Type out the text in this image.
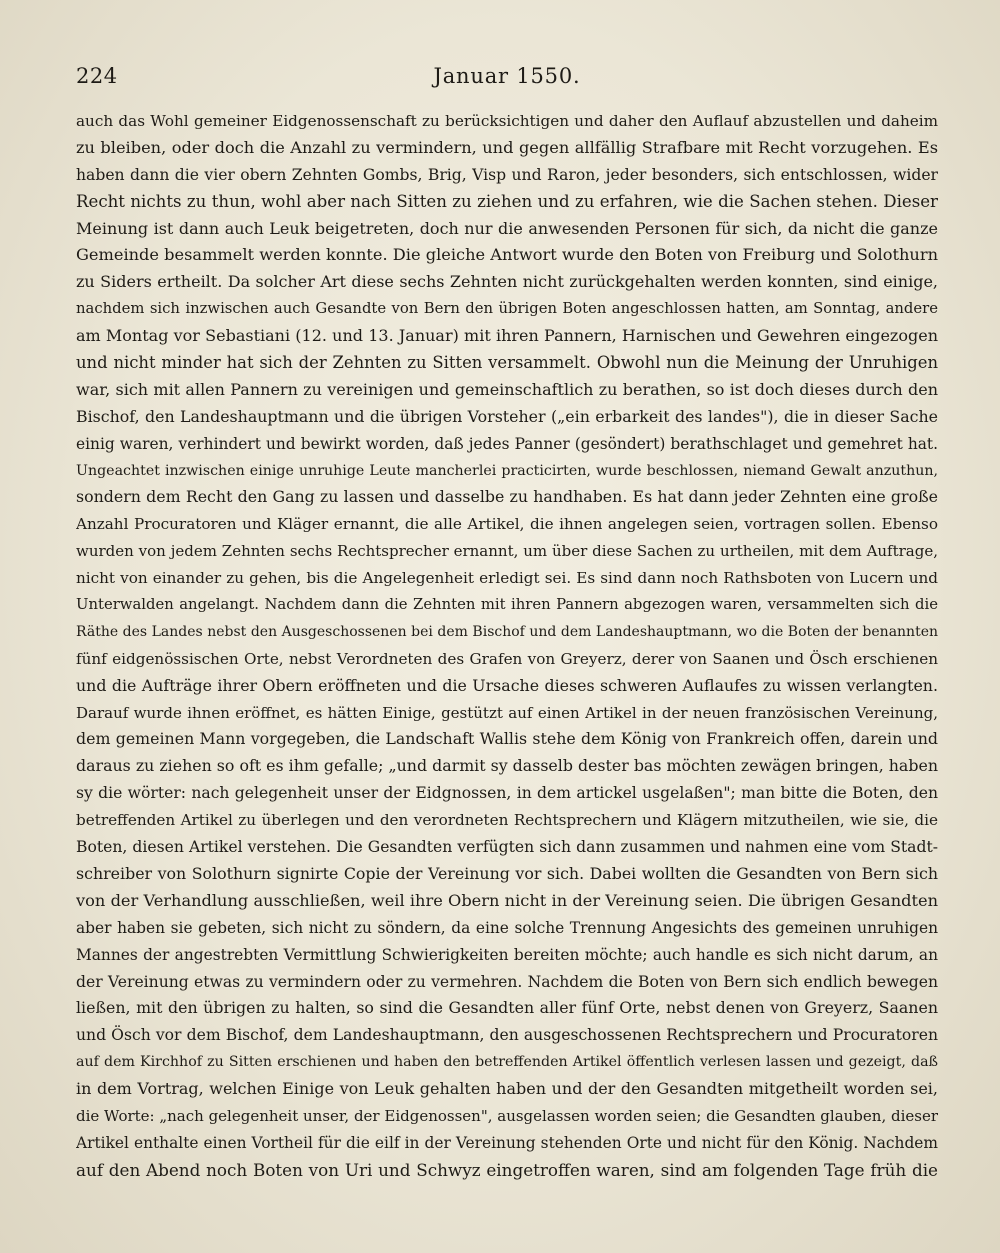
224	Januar 1550.
auch das Wohl gemeiner Eidgenossenschaft zu berücksichtigen und daher den Auflauf abzustellen und daheim
zu bleiben, oder doch die Anzahl zu vermindern, und gegen allfällig Strafbare mit Recht vorzugehen. Es
haben dann die vier obern Zehnten Gombs, Brig, Visp und Raron, jeder besonders, sich entschlossen, wider
Recht nichts zu thun, wohl aber nach Sitten zu ziehen und zu erfahren, wie die Sachen stehen. Dieser
Meinung ist dann auch Leuk beigetreten, doch nur die anwesenden Personen für sich, da nicht die ganze
Gemeinde besammelt werden konnte. Die gleiche Antwort wurde den Boten von Freiburg und Solothurn
zu Siders ertheilt. Da solcher Art diese sechs Zehnten nicht zurückgehalten werden konnten, sind einige,
nachdem sich inzwischen auch Gesandte von Bern den übrigen Boten angeschlossen hatten, am Sonntag, andere
am Montag vor Sebastiani (12. und 13. Januar) mit ihren Pannern, Harnischen und Gewehren eingezogen
und nicht minder hat sich der Zehnten zu Sitten versammelt. Obwohl nun die Meinung der Unruhigen
war, sich mit allen Pannern zu vereinigen und gemeinschaftlich zu berathen, so ist doch dieses durch den
Bischof, den Landeshauptmann und die übrigen Vorsteher („ein erbarkeit des landes"), die in dieser Sache
einig waren, verhindert und bewirkt worden, daß jedes Panner (gesöndert) berathschlaget und gemehret hat.
Ungeachtet inzwischen einige unruhige Leute mancherlei practicirten, wurde beschlossen, niemand Gewalt anzuthun,
sondern dem Recht den Gang zu lassen und dasselbe zu handhaben. Es hat dann jeder Zehnten eine große
Anzahl Procuratoren und Kläger ernannt, die alle Artikel, die ihnen angelegen seien, vortragen sollen. Ebenso
wurden von jedem Zehnten sechs Rechtsprecher ernannt, um über diese Sachen zu urtheilen, mit dem Auftrage,
nicht von einander zu gehen, bis die Angelegenheit erledigt sei. Es sind dann noch Rathsboten von Lucern und
Unterwalden angelangt. Nachdem dann die Zehnten mit ihren Pannern abgezogen waren, versammelten sich die
Räthe des Landes nebst den Ausgeschossenen bei dem Bischof und dem Landeshauptmann, wo die Boten der benannten
fünf eidgenössischen Orte, nebst Verordneten des Grafen von Greyerz, derer von Saanen und Ösch erschienen
und die Aufträge ihrer Obern eröffneten und die Ursache dieses schweren Auflaufes zu wissen verlangten.
Darauf wurde ihnen eröffnet, es hätten Einige, gestützt auf einen Artikel in der neuen französischen Vereinung,
dem gemeinen Mann vorgegeben, die Landschaft Wallis stehe dem König von Frankreich offen, darein und
daraus zu ziehen so oft es ihm gefalle; „und darmit sy dasselb dester bas möchten zewägen bringen, haben
sy die wörter: nach gelegenheit unser der Eidgnossen, in dem artickel usgelaßen"; man bitte die Boten, den
betreffenden Artikel zu überlegen und den verordneten Rechtsprechern und Klägern mitzutheilen, wie sie, die
Boten, diesen Artikel verstehen. Die Gesandten verfügten sich dann zusammen und nahmen eine vom Stadt-
schreiber von Solothurn signirte Copie der Vereinung vor sich. Dabei wollten die Gesandten von Bern sich
von der Verhandlung ausschließen, weil ihre Obern nicht in der Vereinung seien. Die übrigen Gesandten
aber haben sie gebeten, sich nicht zu söndern, da eine solche Trennung Angesichts des gemeinen unruhigen
Mannes der angestrebten Vermittlung Schwierigkeiten bereiten möchte; auch handle es sich nicht darum, an
der Vereinung etwas zu vermindern oder zu vermehren. Nachdem die Boten von Bern sich endlich bewegen
ließen, mit den übrigen zu halten, so sind die Gesandten aller fünf Orte, nebst denen von Greyerz, Saanen
und Ösch vor dem Bischof, dem Landeshauptmann, den ausgeschossenen Rechtsprechern und Procuratoren
auf dem Kirchhof zu Sitten erschienen und haben den betreffenden Artikel öffentlich verlesen lassen und gezeigt, daß
in dem Vortrag, welchen Einige von Leuk gehalten haben und der den Gesandten mitgetheilt worden sei,
die Worte: „nach gelegenheit unser, der Eidgenossen", ausgelassen worden seien; die Gesandten glauben, dieser
Artikel enthalte einen Vortheil für die eilf in der Vereinung stehenden Orte und nicht für den König. Nachdem
auf den Abend noch Boten von Uri und Schwyz eingetroffen waren, sind am folgenden Tage früh die
